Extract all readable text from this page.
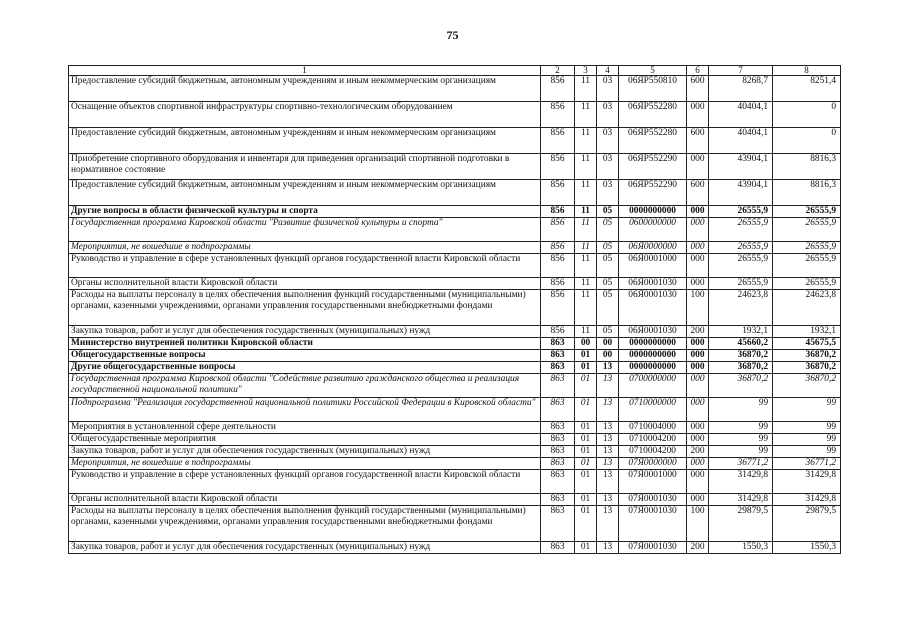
75
1	2	3	4	5	6	7	8
Предоставление субсидий бюджетным, автономным учреждениям и иным некоммерческим организациям	856	11	03	06ЯР550810	600	8268,7	8251,4
Оснащение объектов спортивной инфраструктуры спортивно-технологическим оборудованием	856	11	03	06ЯР552280	000	40404,1	0
Предоставление субсидий бюджетным, автономным учреждениям и иным некоммерческим организациям	856	11	03	06ЯР552280	600	40404,1	0
Приобретение спортивного оборудования и инвентаря для приведения организаций спортивной подготовки в нормативное состояние	856	11	03	06ЯР552290	000	43904,1	8816,3
Предоставление субсидий бюджетным, автономным учреждениям и иным некоммерческим организациям	856	11	03	06ЯР552290	600	43904,1	8816,3
Другие вопросы в области физической культуры и спорта	856	11	05	0000000000	000	26555,9	26555,9
Государственная программа Кировской области "Развитие физической культуры и спорта"	856	11	05	0600000000	000	26555,9	26555,9
Мероприятия, не вошедшие в подпрограммы	856	11	05	06Я0000000	000	26555,9	26555,9
Руководство и управление в сфере установленных функций органов государственной власти Кировской области	856	11	05	06Я0001000	000	26555,9	26555,9
Органы исполнительной власти Кировской области	856	11	05	06Я0001030	000	26555,9	26555,9
Расходы на выплаты персоналу в целях обеспечения выполнения функций государственными (муниципальными) органами, казенными учреждениями, органами управления государственными внебюджетными фондами	856	11	05	06Я0001030	100	24623,8	24623,8
Закупка товаров, работ и услуг для обеспечения государственных (муниципальных) нужд	856	11	05	06Я0001030	200	1932,1	1932,1
Министерство внутренней политики Кировской области	863	00	00	0000000000	000	45660,2	45675,5
Общегосударственные вопросы	863	01	00	0000000000	000	36870,2	36870,2
Другие общегосударственные вопросы	863	01	13	0000000000	000	36870,2	36870,2
Государственная программа Кировской области "Содействие развитию гражданского общества и реализация государственной национальной политики"	863	01	13	0700000000	000	36870,2	36870,2
Подпрограмма "Реализация государственной национальной политики Российской Федерации в Кировской области"	863	01	13	0710000000	000	99	99
Мероприятия в установленной сфере деятельности	863	01	13	0710004000	000	99	99
Общегосударственные мероприятия	863	01	13	0710004200	000	99	99
Закупка товаров, работ и услуг для обеспечения государственных (муниципальных) нужд	863	01	13	0710004200	200	99	99
Мероприятия, не вошедшие в подпрограммы	863	01	13	07Я0000000	000	36771,2	36771,2
Руководство и управление в сфере установленных функций органов государственной власти Кировской области	863	01	13	07Я0001000	000	31429,8	31429,8
Органы исполнительной власти Кировской области	863	01	13	07Я0001030	000	31429,8	31429,8
Расходы на выплаты персоналу в целях обеспечения выполнения функций государственными (муниципальными) органами, казенными учреждениями, органами управления государственными внебюджетными фондами	863	01	13	07Я0001030	100	29879,5	29879,5
Закупка товаров, работ и услуг для обеспечения государственных (муниципальных) нужд	863	01	13	07Я0001030	200	1550,3	1550,3
